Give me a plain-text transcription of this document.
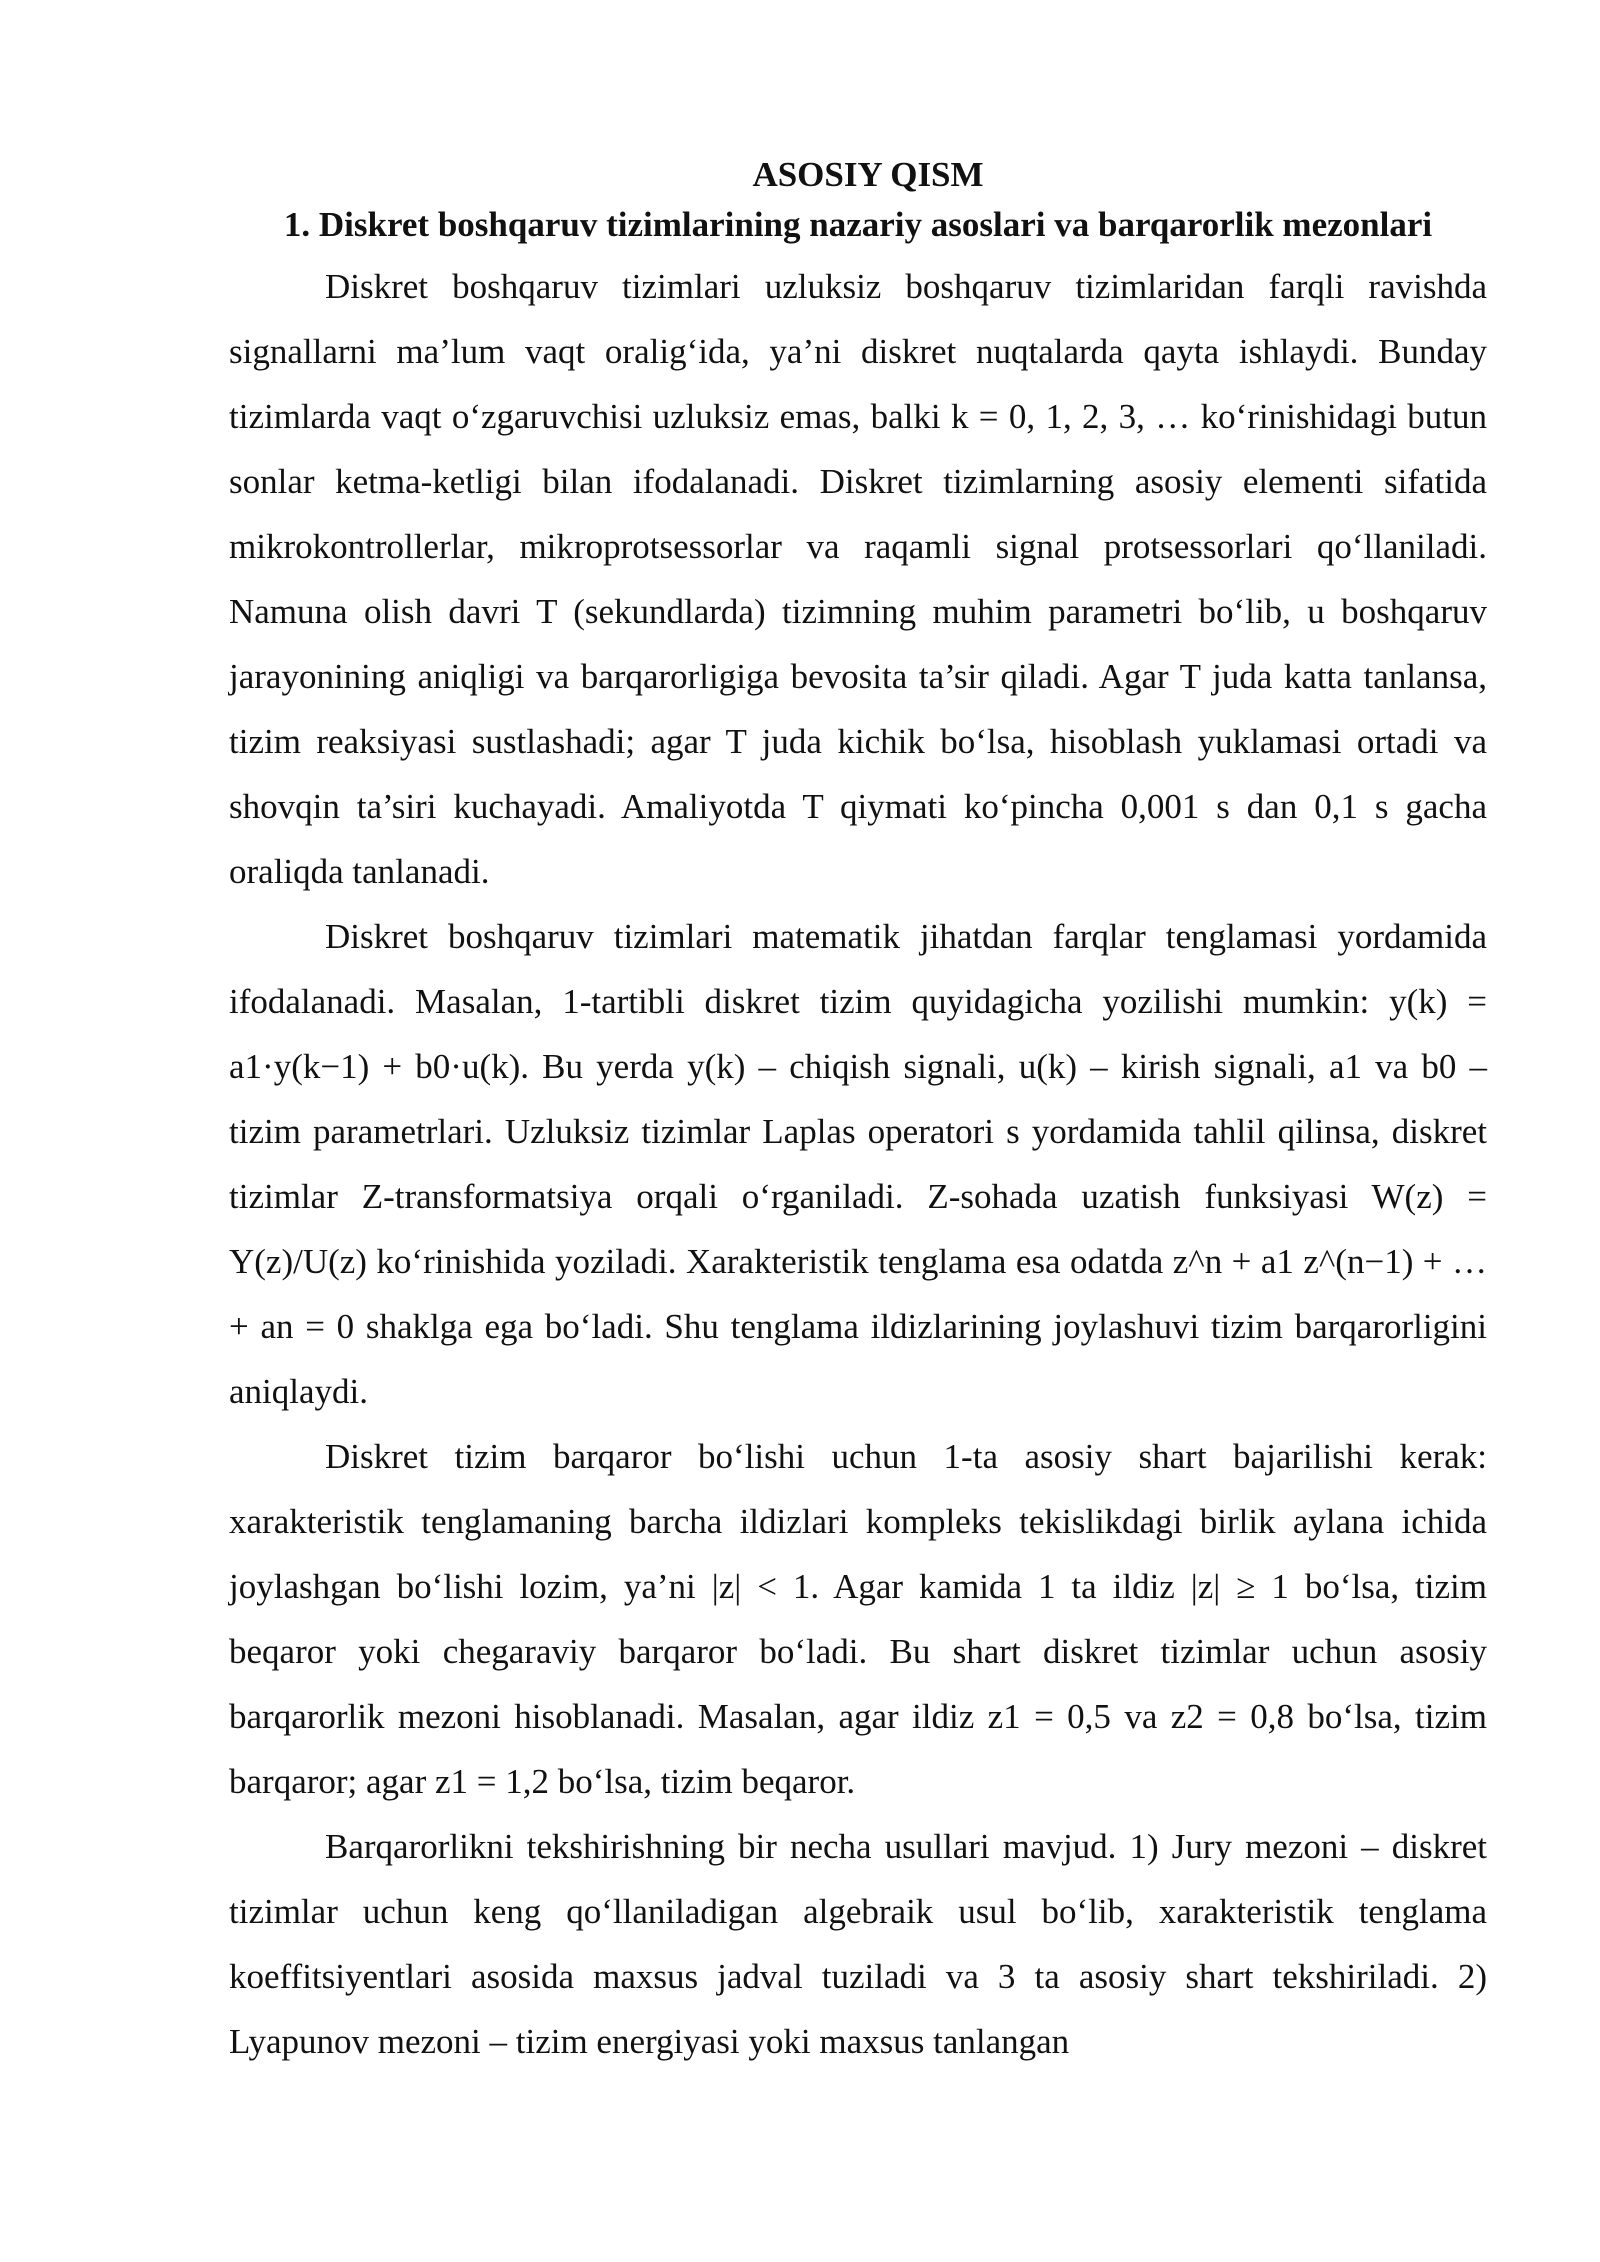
ASOSIY QISM
1. Diskret boshqaruv tizimlarining nazariy asoslari va barqarorlik mezonlari

Diskret boshqaruv tizimlari uzluksiz boshqaruv tizimlaridan farqli ravishda signallarni ma’lum vaqt oralig‘ida, ya’ni diskret nuqtalarda qayta ishlaydi. Bunday tizimlarda vaqt o‘zgaruvchisi uzluksiz emas, balki k = 0, 1, 2, 3, … ko‘rinishidagi butun sonlar ketma-ketligi bilan ifodalanadi. Diskret tizimlarning asosiy elementi sifatida mikrokontrollerlar, mikroprotsessorlar va raqamli signal protsessorlari qo‘llaniladi. Namuna olish davri T (sekundlarda) tizimning muhim parametri bo‘lib, u boshqaruv jarayonining aniqligi va barqarorligiga bevosita ta’sir qiladi. Agar T juda katta tanlansa, tizim reaksiyasi sustlashadi; agar T juda kichik bo‘lsa, hisoblash yuklamasi ortadi va shovqin ta’siri kuchayadi. Amaliyotda T qiymati ko‘pincha 0,001 s dan 0,1 s gacha oraliqda tanlanadi.

Diskret boshqaruv tizimlari matematik jihatdan farqlar tenglamasi yordamida ifodalanadi. Masalan, 1-tartibli diskret tizim quyidagicha yozilishi mumkin: y(k) = a1·y(k−1) + b0·u(k). Bu yerda y(k) – chiqish signali, u(k) – kirish signali, a1 va b0 – tizim parametrlari. Uzluksiz tizimlar Laplas operatori s yordamida tahlil qilinsa, diskret tizimlar Z-transformatsiya orqali o‘rganiladi. Z-sohada uzatish funksiyasi W(z) = Y(z)/U(z) ko‘rinishida yoziladi. Xarakteristik tenglama esa odatda z^n + a1 z^(n−1) + … + an = 0 shaklga ega bo‘ladi. Shu tenglama ildizlarining joylashuvi tizim barqarorligini aniqlaydi.

Diskret tizim barqaror bo‘lishi uchun 1-ta asosiy shart bajarilishi kerak: xarakteristik tenglamaning barcha ildizlari kompleks tekislikdagi birlik aylana ichida joylashgan bo‘lishi lozim, ya’ni |z| < 1. Agar kamida 1 ta ildiz |z| ≥ 1 bo‘lsa, tizim beqaror yoki chegaraviy barqaror bo‘ladi. Bu shart diskret tizimlar uchun asosiy barqarorlik mezoni hisoblanadi. Masalan, agar ildiz z1 = 0,5 va z2 = 0,8 bo‘lsa, tizim barqaror; agar z1 = 1,2 bo‘lsa, tizim beqaror.

Barqarorlikni tekshirishning bir necha usullari mavjud. 1) Jury mezoni – diskret tizimlar uchun keng qo‘llaniladigan algebraik usul bo‘lib, xarakteristik tenglama koeffitsiyentlari asosida maxsus jadval tuziladi va 3 ta asosiy shart tekshiriladi. 2) Lyapunov mezoni – tizim energiyasi yoki maxsus tanlangan
